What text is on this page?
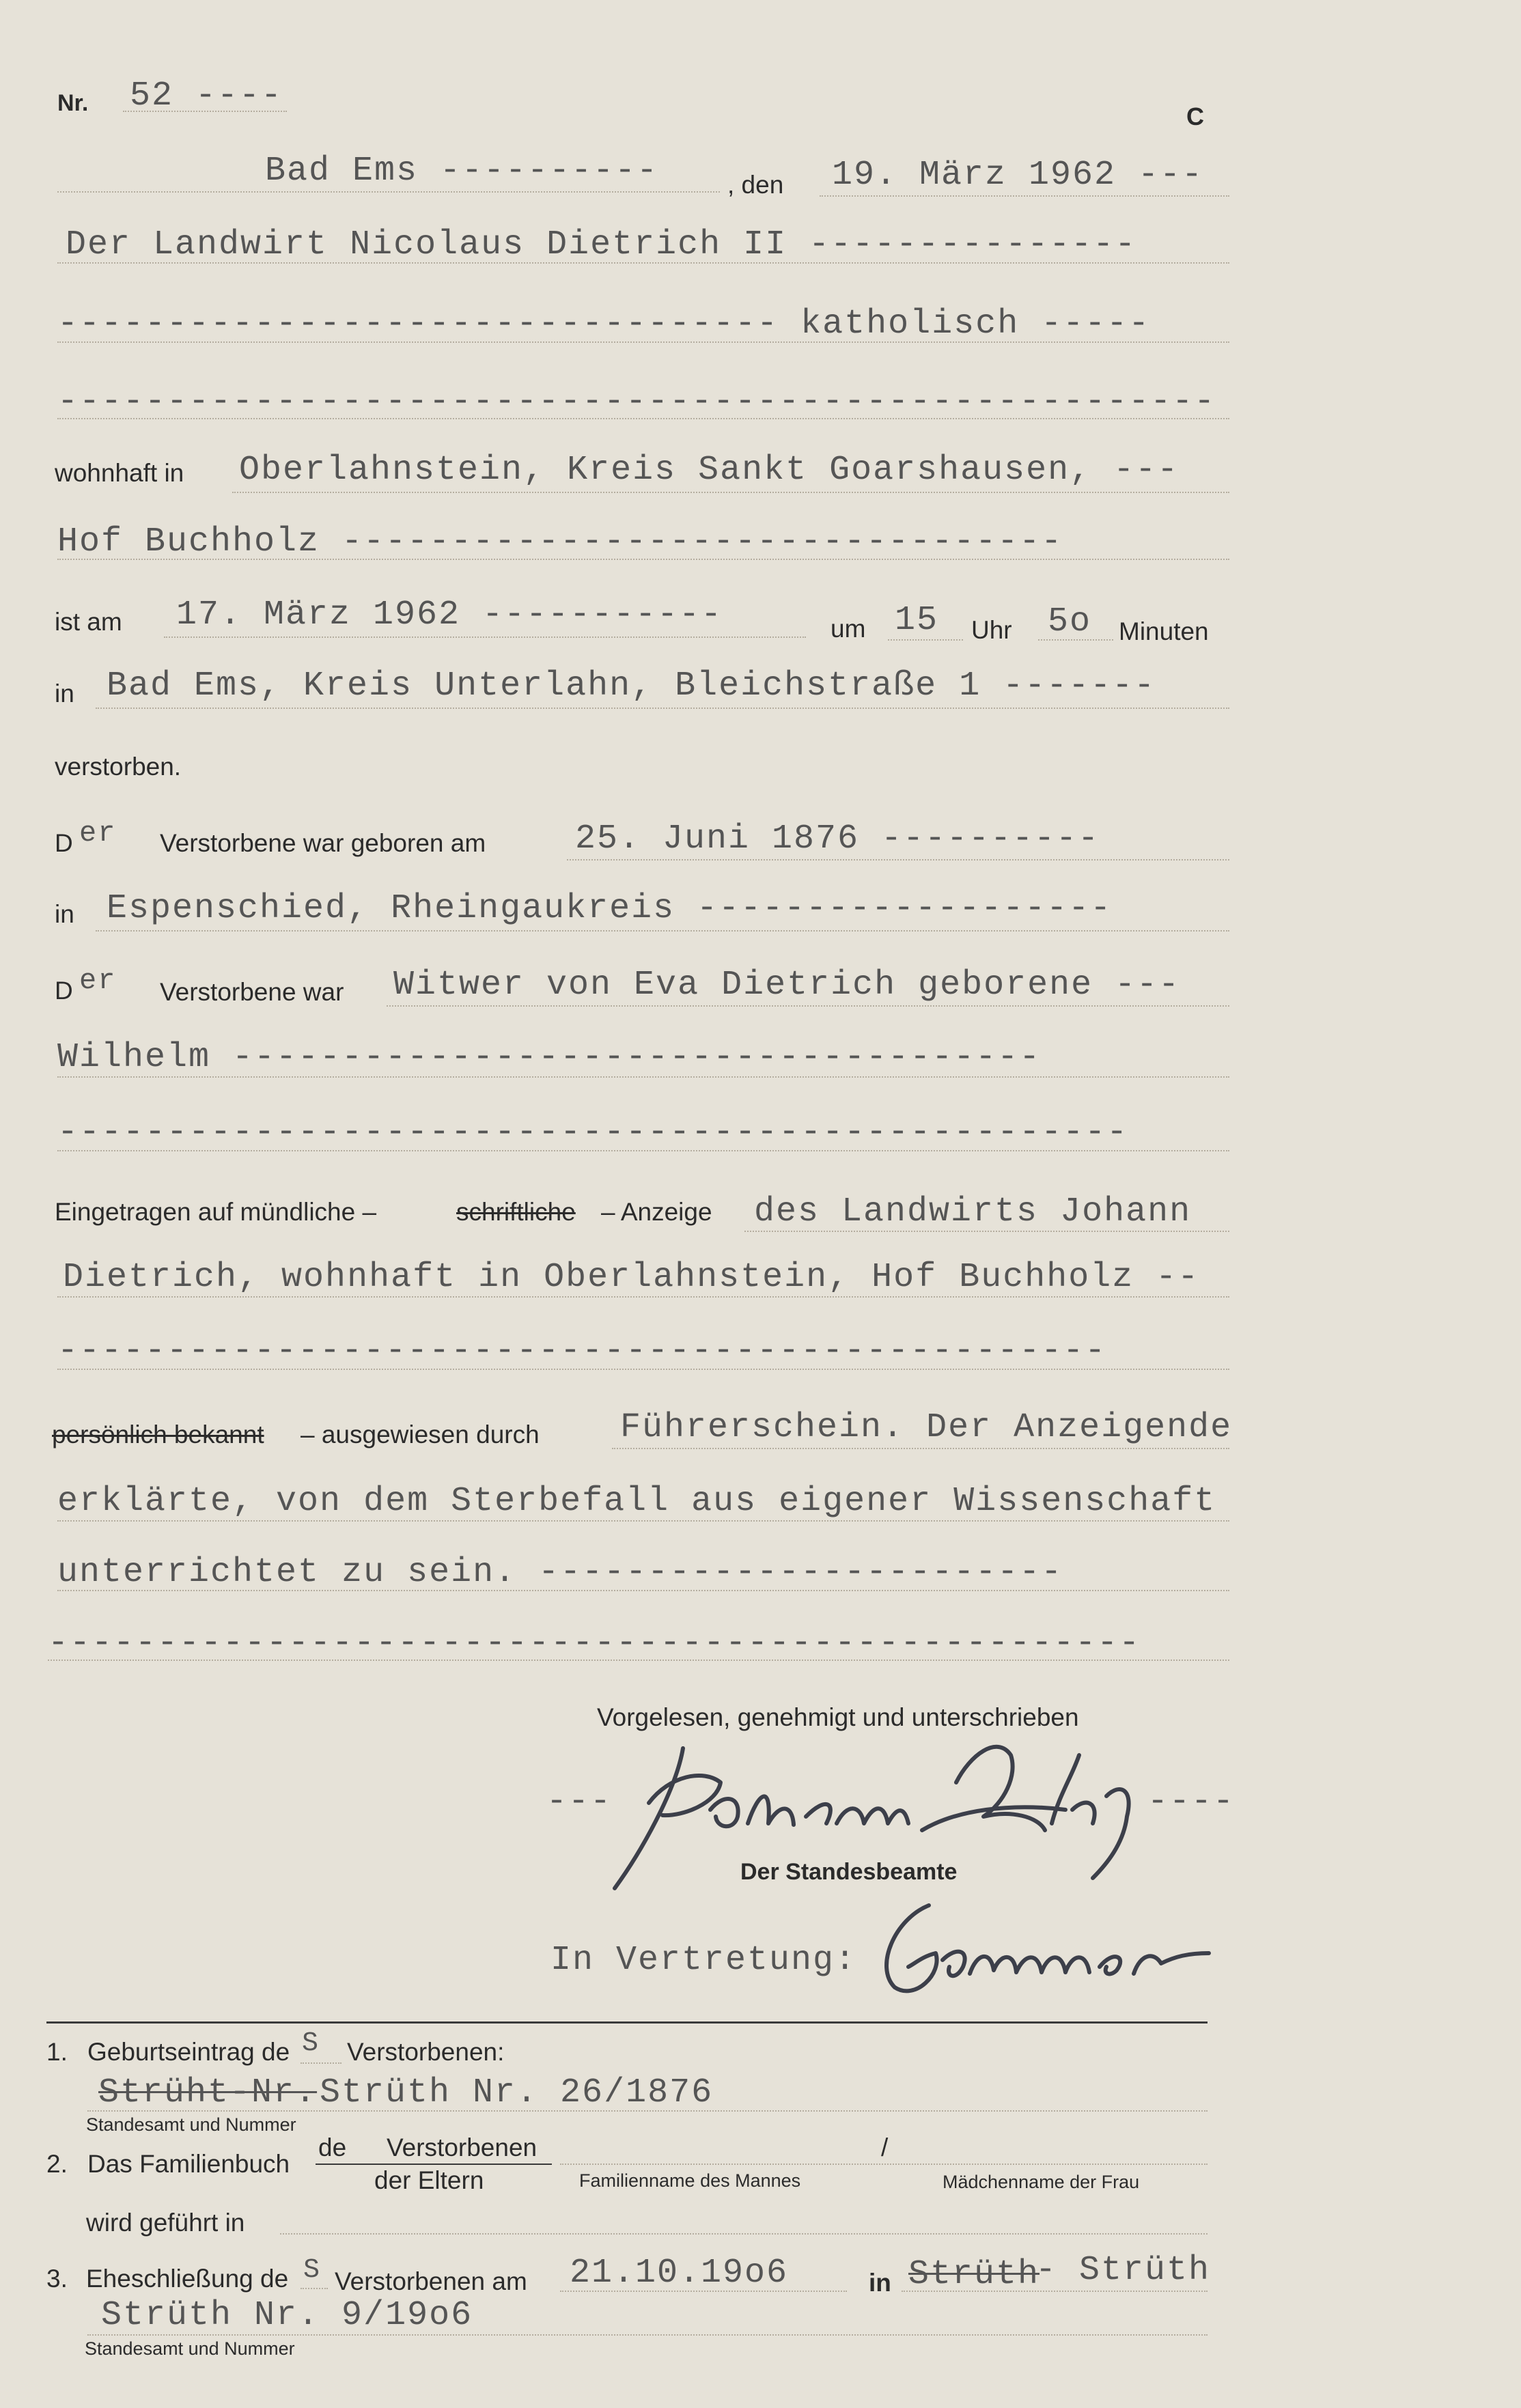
Nr. 52 ----
C
Bad Ems ----------	, den 19. März 1962 ---
Der Landwirt Nicolaus Dietrich II ---------------
--------------------------------- katholisch -----
-----------------------------------------------------
wohnhaft in Oberlahnstein, Kreis Sankt Goarshausen, ---
Hof Buchholz ---------------------------------
ist am 17. März 1962 -----------	um 15 Uhr 5o Minuten
in Bad Ems, Kreis Unterlahn, Bleichstraße 1 -------
verstorben.
D er Verstorbene war geboren am	25. Juni 1876 ----------
in Espenschied, Rheingaukreis -------------------
D er Verstorbene war Witwer von Eva Dietrich geborene ---
Wilhelm -------------------------------------
-------------------------------------------------
Eingetragen auf mündliche –	schriftliche – Anzeige des Landwirts Johann
Dietrich, wohnhaft in Oberlahnstein, Hof Buchholz --
------------------------------------------------
persönlich bekannt – ausgewiesen durch Führerschein. Der Anzeigende
erklärte, von dem Sterbefall aus eigener Wissenschaft
unterrichtet zu sein. ------------------------
--------------------------------------------------
Vorgelesen, genehmigt und unterschrieben
---	----
Der Standesbeamte
In Vertretung:
1. Geburtseintrag de S Verstorbenen:
Strüht-Nr. Strüth Nr. 26/1876
Standesamt und Nummer
2. Das Familienbuch
de Verstorbenen
der Eltern
/
Familienname des Mannes	Mädchenname der Frau
wird geführt in
3. Eheschließung de S Verstorbenen am 21.10.19o6	in Strüth
- Strüth
Strüth Nr. 9/19o6
Standesamt und Nummer
